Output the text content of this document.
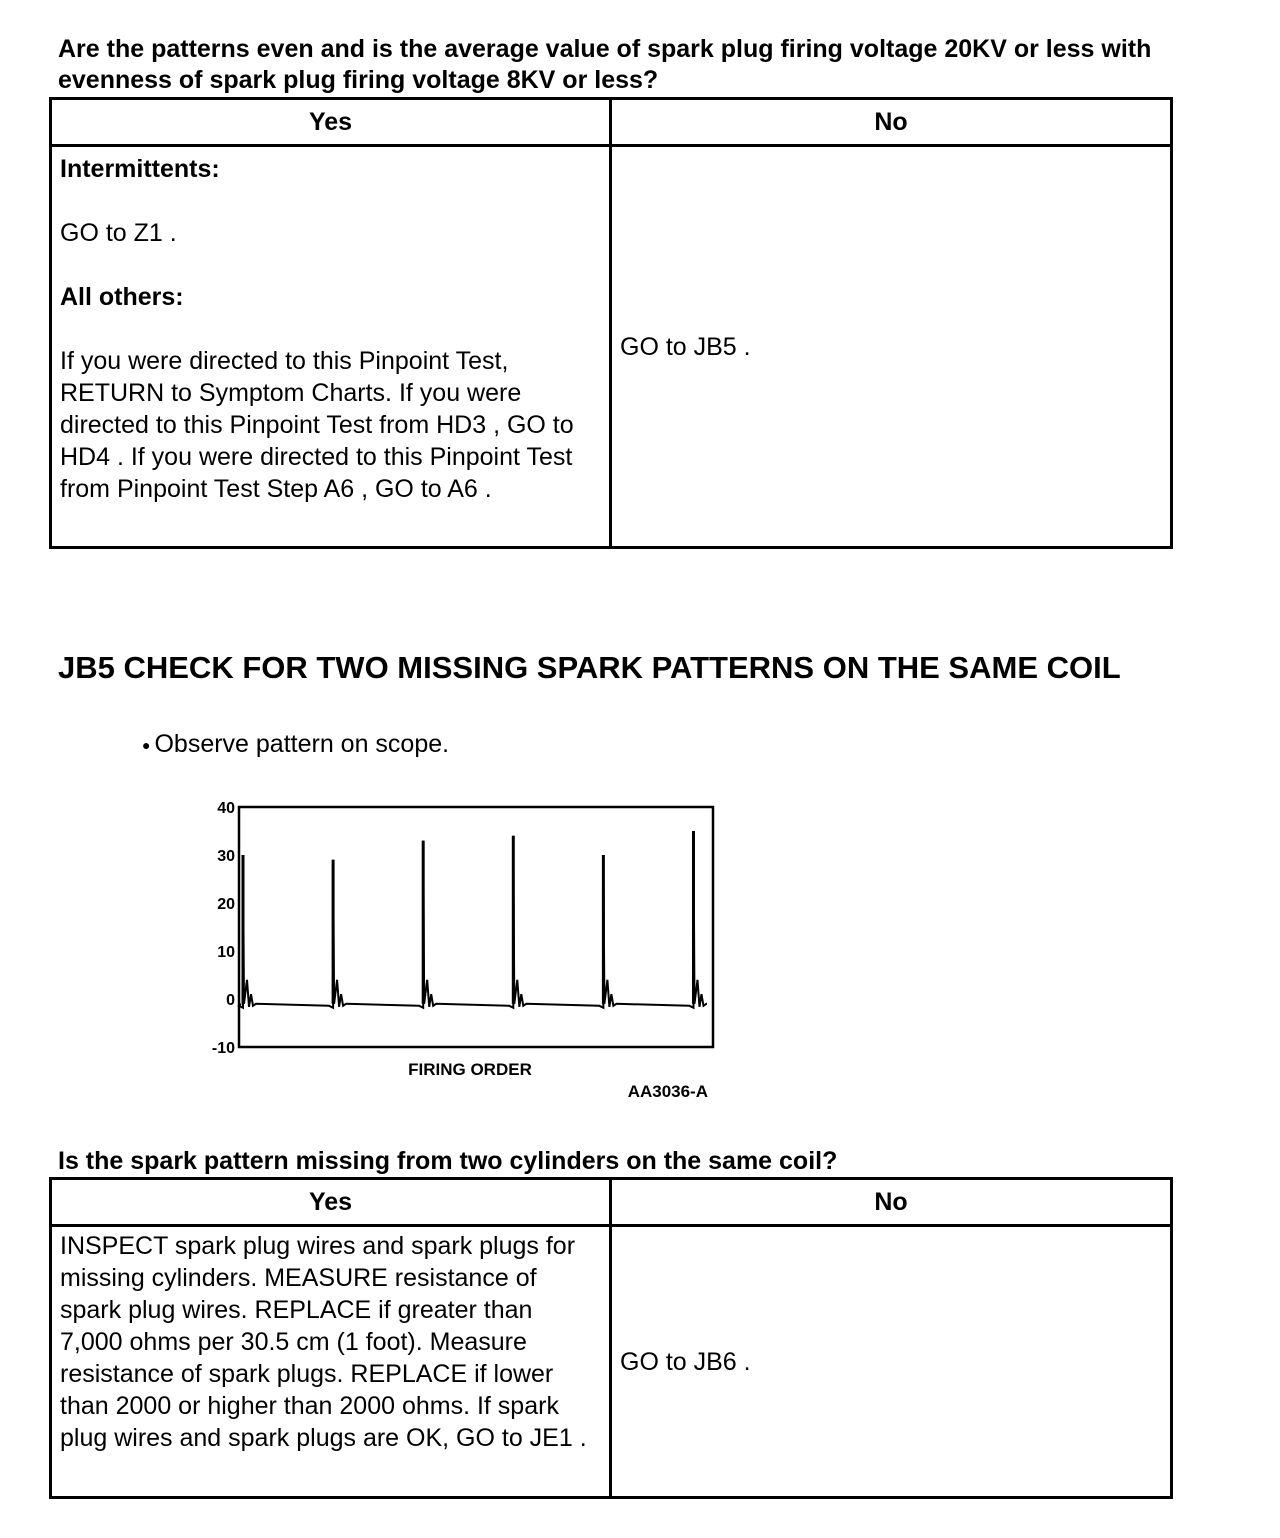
Are the patterns even and is the average value of spark plug firing voltage 20KV or less with evenness of spark plug firing voltage 8KV or less?
Yes	No

Intermittents:
GO to Z1 .
All others:
If you were directed to this Pinpoint Test, RETURN to Symptom Charts. If you were directed to this Pinpoint Test from HD3 , GO to HD4 . If you were directed to this Pinpoint Test from Pinpoint Test Step A6 , GO to A6 .	GO to JB5 .
JB5 CHECK FOR TWO MISSING SPARK PATTERNS ON THE SAME COIL
● Observe pattern on scope.
40
30
20
10
0
-10
FIRING ORDER
AA3036-A
Is the spark pattern missing from two cylinders on the same coil?
Yes	No
INSPECT spark plug wires and spark plugs for missing cylinders. MEASURE resistance of spark plug wires. REPLACE if greater than 7,000 ohms per 30.5 cm (1 foot). Measure resistance of spark plugs. REPLACE if lower than 2000 or higher than 2000 ohms. If spark plug wires and spark plugs are OK, GO to JE1 .	GO to JB6 .
